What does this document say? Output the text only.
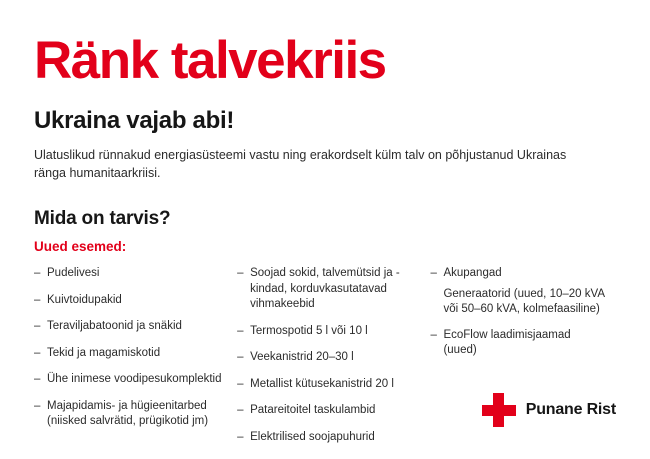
Ränk talvekriis
Ukraina vajab abi!

Ulatuslikud rünnakud energiasüsteemi vastu ning erakordselt külm talv on põhjustanud Ukrainas ränga humanitaarkriisi.

Mida on tarvis?
Uued esemed:
– Pudelivesi
– Kuivtoidupakid
– Teraviljabatoonid ja snäkid
– Tekid ja magamiskotid
– Ühe inimese voodipesukomplektid
– Majapidamis- ja hügieenitarbed (niisked salvrätid, prügikotid jm)
– Soojad sokid, talvemütsid ja -kindad, korduvkasutatavad vihmakeebid
– Termospotid 5 l või 10 l
– Veekanistrid 20–30 l
– Metallist kütusekanistrid 20 l
– Patareitoitel taskulambid
– Elektrilised soojapuhurid
– Akupangad
Generaatorid (uued, 10–20 kVA või 50–60 kVA, kolmefaasiline)
– EcoFlow laadimisjaamad (uued)
Punane Rist
